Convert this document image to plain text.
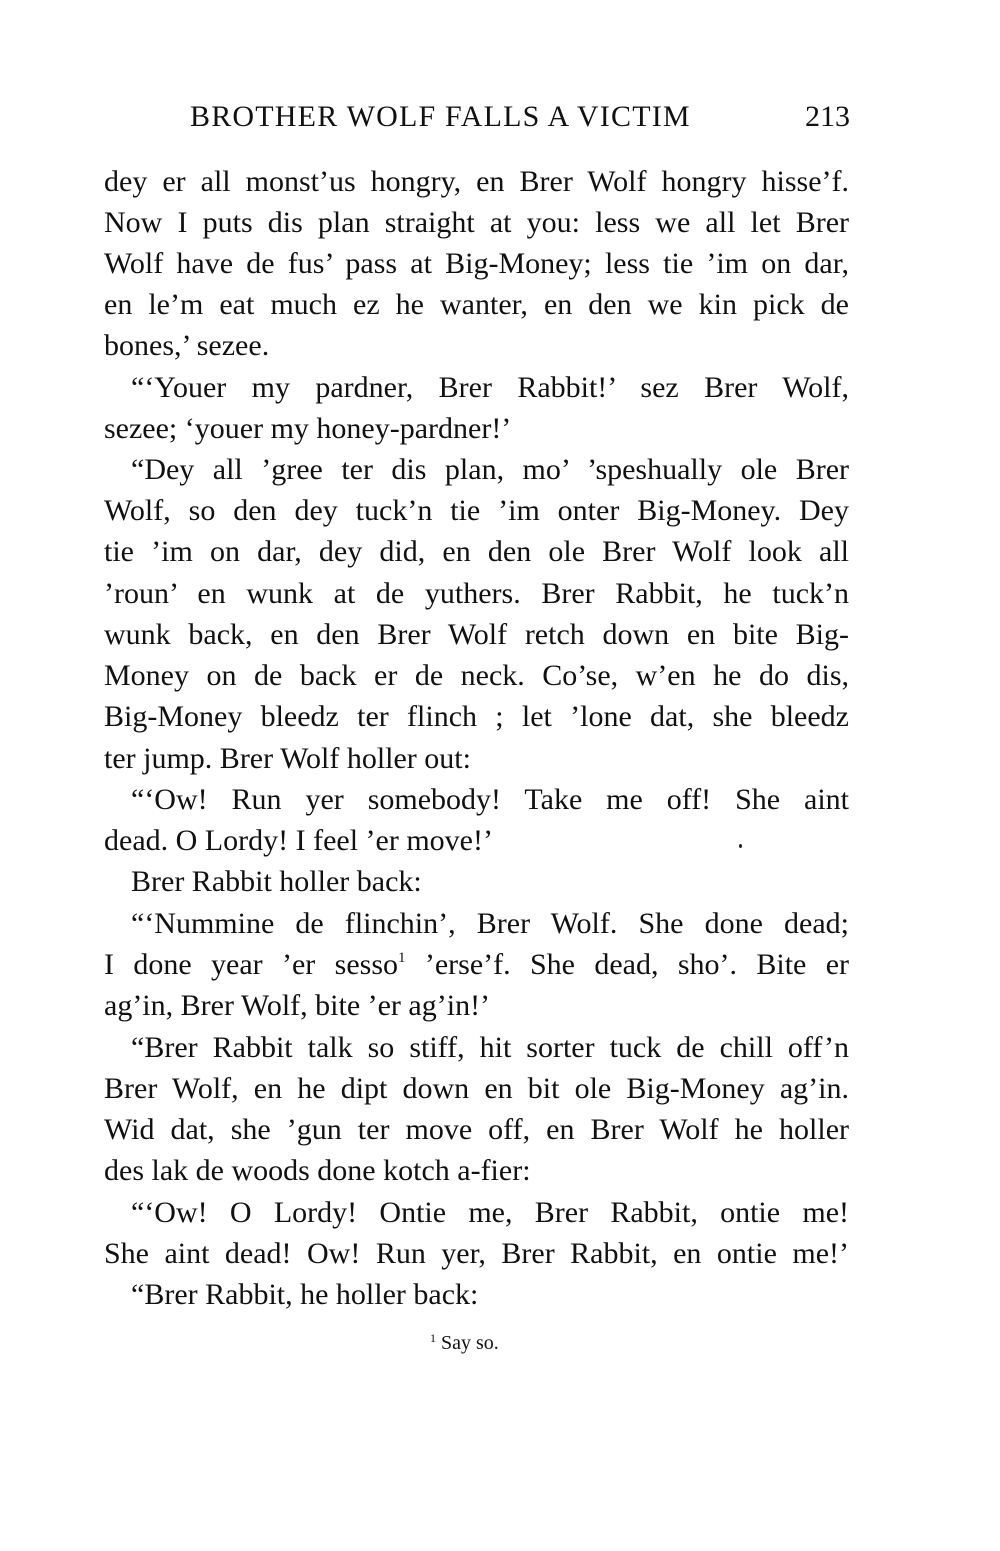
BROTHER WOLF FALLS A VICTIM	213
dey er all monst’us hongry, en Brer Wolf hongry hisse’f.
Now I puts dis plan straight at you: less we all let Brer
Wolf have de fus’ pass at Big-Money; less tie ’im on dar,
en le’m eat much ez he wanter, en den we kin pick de
bones,’ sezee.
“‘Youer my pardner, Brer Rabbit!’ sez Brer Wolf,
sezee; ‘youer my honey-pardner!’
“Dey all ’gree ter dis plan, mo’ ’speshually ole Brer
Wolf, so den dey tuck’n tie ’im onter Big-Money. Dey
tie ’im on dar, dey did, en den ole Brer Wolf look all
’roun’ en wunk at de yuthers. Brer Rabbit, he tuck’n
wunk back, en den Brer Wolf retch down en bite Big-
Money on de back er de neck. Co’se, w’en he do dis,
Big-Money bleedz ter flinch ; let ’lone dat, she bleedz
ter jump. Brer Wolf holler out:
“‘Ow! Run yer somebody! Take me off! She aint
dead. O Lordy! I feel ’er move!’
Brer Rabbit holler back:
“‘Nummine de flinchin’, Brer Wolf. She done dead;
I done year ’er sesso$^1$ ’erse’f. She dead, sho’. Bite er
ag’in, Brer Wolf, bite ’er ag’in!’
“Brer Rabbit talk so stiff, hit sorter tuck de chill off’n
Brer Wolf, en he dipt down en bit ole Big-Money ag’in.
Wid dat, she ’gun ter move off, en Brer Wolf he holler
des lak de woods done kotch a-fier:
“‘Ow! O Lordy! Ontie me, Brer Rabbit, ontie me!
She aint dead! Ow! Run yer, Brer Rabbit, en ontie me!’
“Brer Rabbit, he holler back:
$^1$ Say so.
